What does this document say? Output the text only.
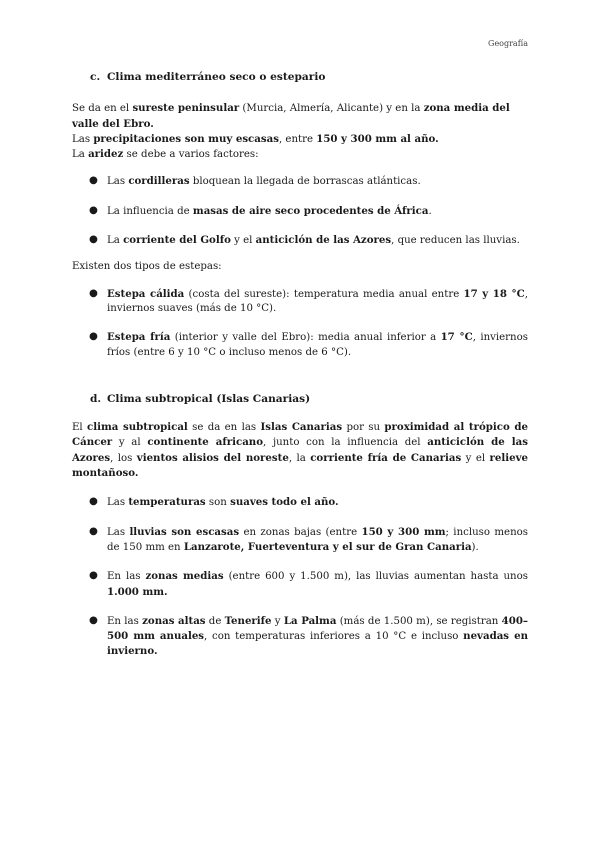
Geografía
c. Clima mediterráneo seco o estepario

Se da en el sureste peninsular (Murcia, Almería, Alicante) y en la zona media del valle del Ebro.

Las precipitaciones son muy escasas, entre 150 y 300 mm al año.

La aridez se debe a varios factores:

● Las cordilleras bloquean la llegada de borrascas atlánticas.
● La influencia de masas de aire seco procedentes de África.
● La corriente del Golfo y el anticiclón de las Azores, que reducen las lluvias.

Existen dos tipos de estepas:

● Estepa cálida (costa del sureste): temperatura media anual entre 17 y 18 °C, inviernos suaves (más de 10 °C).
● Estepa fría (interior y valle del Ebro): media anual inferior a 17 °C, inviernos fríos (entre 6 y 10 °C o incluso menos de 6 °C).
d. Clima subtropical (Islas Canarias)

El clima subtropical se da en las Islas Canarias por su proximidad al trópico de Cáncer y al continente africano, junto con la influencia del anticiclón de las Azores, los vientos alisios del noreste, la corriente fría de Canarias y el relieve montañoso.

● Las temperaturas son suaves todo el año.
● Las lluvias son escasas en zonas bajas (entre 150 y 300 mm; incluso menos de 150 mm en Lanzarote, Fuerteventura y el sur de Gran Canaria).
● En las zonas medias (entre 600 y 1.500 m), las lluvias aumentan hasta unos 1.000 mm.
● En las zonas altas de Tenerife y La Palma (más de 1.500 m), se registran 400–500 mm anuales, con temperaturas inferiores a 10 °C e incluso nevadas en invierno.
